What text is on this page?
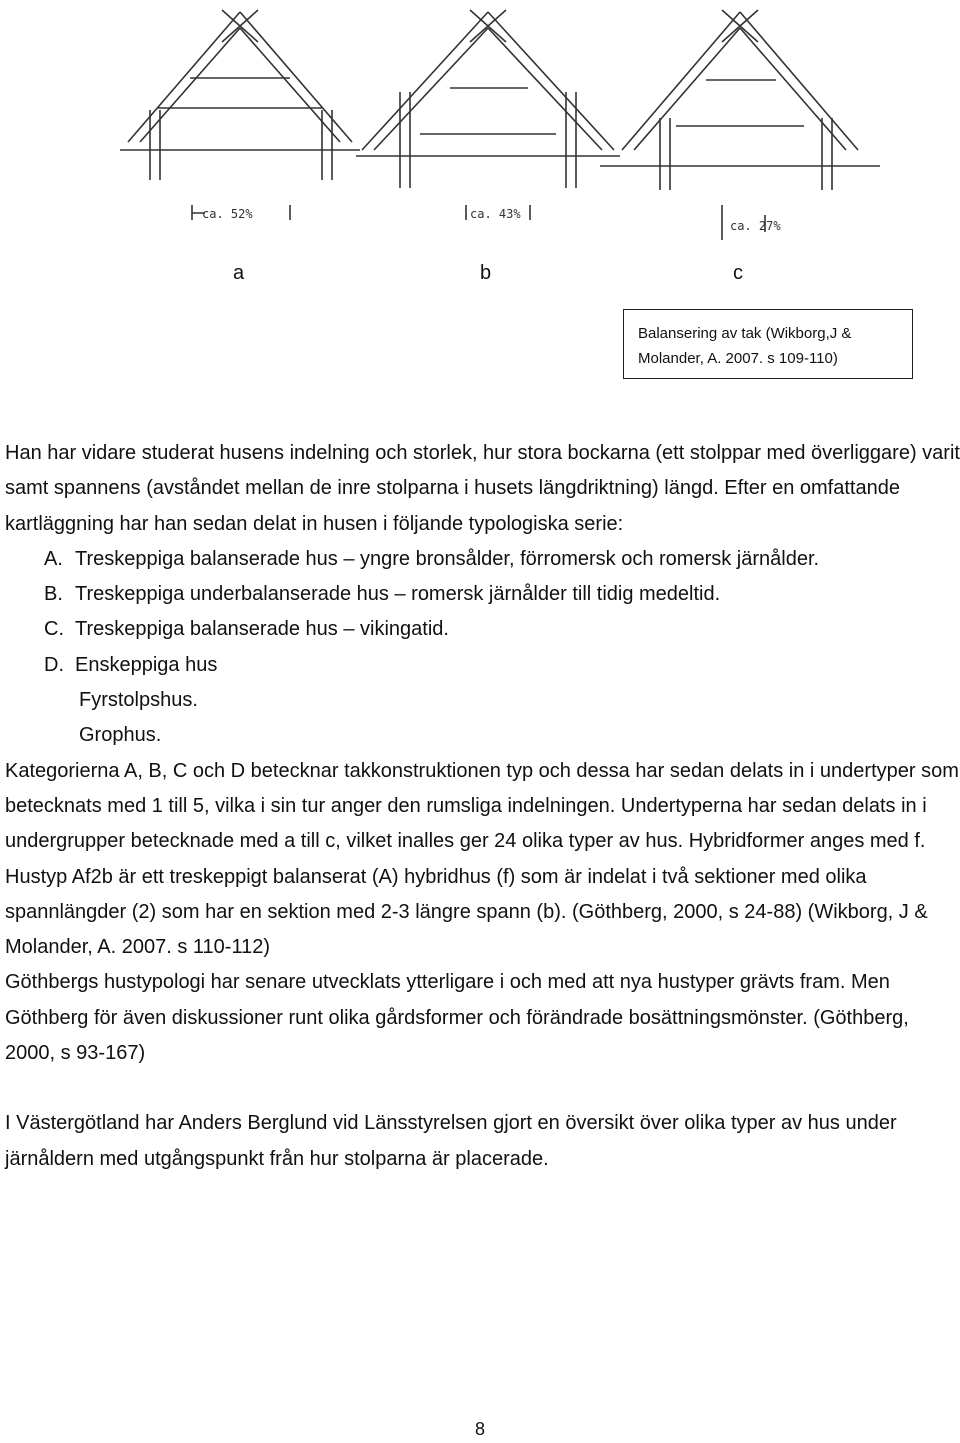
ca. 52%	ca. 43%
ca. 27%
a	b	c
Balansering av tak (Wikborg,J &
Molander, A. 2007. s 109-110)

Han har vidare studerat husens indelning och storlek, hur stora bockarna (ett stolppar med överliggare) varit samt spannens (avståndet mellan de inre stolparna i husets längdriktning) längd. Efter en omfattande kartläggning har han sedan delat in husen i följande typologiska serie:

A. Treskeppiga balanserade hus – yngre bronsålder, förromersk och romersk järnålder.
B. Treskeppiga underbalanserade hus – romersk järnålder till tidig medeltid.
C. Treskeppiga balanserade hus – vikingatid.
D. Enskeppiga hus
Fyrstolpshus.
Grophus.

Kategorierna A, B, C och D betecknar takkonstruktionen typ och dessa har sedan delats in i undertyper som betecknats med 1 till 5, vilka i sin tur anger den rumsliga indelningen. Undertyperna har sedan delats in i undergrupper betecknade med a till c, vilket inalles ger 24 olika typer av hus. Hybridformer anges med f.

Hustyp Af2b är ett treskeppigt balanserat (A) hybridhus (f) som är indelat i två sektioner med olika spannlängder (2) som har en sektion med 2-3 längre spann (b). (Göthberg, 2000, s 24-88) (Wikborg, J & Molander, A. 2007. s 110-112)

Göthbergs hustypologi har senare utvecklats ytterligare i och med att nya hustyper grävts fram. Men Göthberg för även diskussioner runt olika gårdsformer och förändrade bosättningsmönster. (Göthberg, 2000, s 93-167)

I Västergötland har Anders Berglund vid Länsstyrelsen gjort en översikt över olika typer av hus under järnåldern med utgångspunkt från hur stolparna är placerade.

8
